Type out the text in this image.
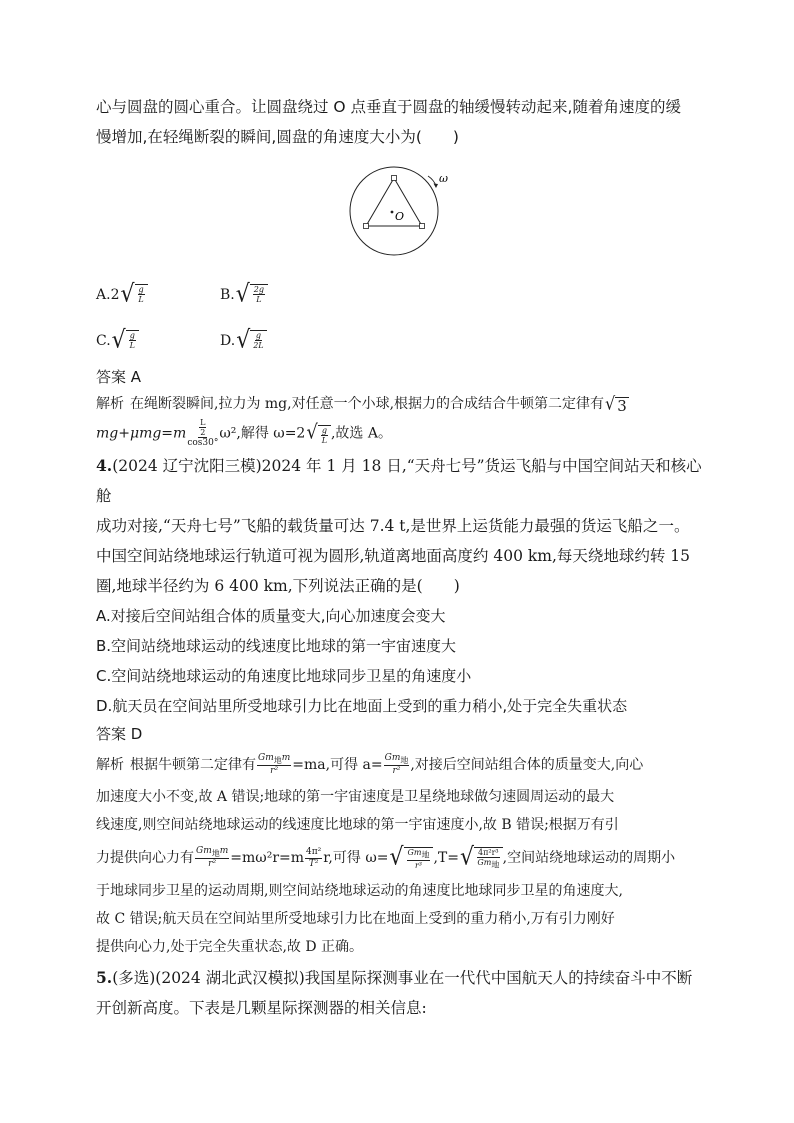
心与圆盘的圆心重合。让圆盘绕过 O 点垂直于圆盘的轴缓慢转动起来,随着角速度的缓

慢增加,在轻绳断裂的瞬间,圆盘的角速度大小为(　　)

O
ω
A. 2 √ $\frac{g}{L}$	B. √ $\frac{2g}{L}$
C. √ $\frac{g}{L}$	D. √ $\frac{g}{2L}$

答案 A

解析 在绳断裂瞬间,拉力为 mg,对任意一个小球,根据力的合成结合牛顿第二定律有 √ 3

$mg+\mu mg=m \frac{\frac{L}{2}}{\cos 30^\circ} \omega^2$,解得 ω=2 √ $\frac{g}{L}$ ,故选 A。

4.(2024 辽宁沈阳三模)2024 年 1 月 18 日,“天舟七号”货运飞船与中国空间站天和核心舱

成功对接,“天舟七号”飞船的载货量可达 7.4 t,是世界上运货能力最强的货运飞船之一。

中国空间站绕地球运行轨道可视为圆形,轨道离地面高度约 400 km,每天绕地球约转 15

圈,地球半径约为 6 400 km,下列说法正确的是(　　)

A.对接后空间站组合体的质量变大,向心加速度会变大

B.空间站绕地球运动的线速度比地球的第一宇宙速度大

C.空间站绕地球运动的角速度比地球同步卫星的角速度小

D.航天员在空间站里所受地球引力比在地面上受到的重力稍小,处于完全失重状态

答案 D

解析 根据牛顿第二定律有 $\frac{Gm_地m}{\text{r²}} =ma$,可得 $a= \frac{Gm_地}{\text{r²}}$ ,对接后空间站组合体的质量变大,向心

加速度大小不变,故 A 错误;地球的第一宇宙速度是卫星绕地球做匀速圆周运动的最大

线速度,则空间站绕地球运动的线速度比地球的第一宇宙速度小,故 B 错误;根据万有引

力提供向心力有 $\frac{Gm_地m}{\text{r²}} =m\omega^2r=m \frac{\text{4π²}}{\text{T²}} r$,可得 ω= √ $\frac{Gm_地}{\text{r³}} ,T=$ √ $\frac{\text{4π²r³}}{Gm_地}$ ,空间站绕地球运动的周期小

于地球同步卫星的运动周期,则空间站绕地球运动的角速度比地球同步卫星的角速度大,

故 C 错误;航天员在空间站里所受地球引力比在地面上受到的重力稍小,万有引力刚好

提供向心力,处于完全失重状态,故 D 正确。

5.(多选)(2024 湖北武汉模拟)我国星际探测事业在一代代中国航天人的持续奋斗中不断

开创新高度。下表是几颗星际探测器的相关信息:
